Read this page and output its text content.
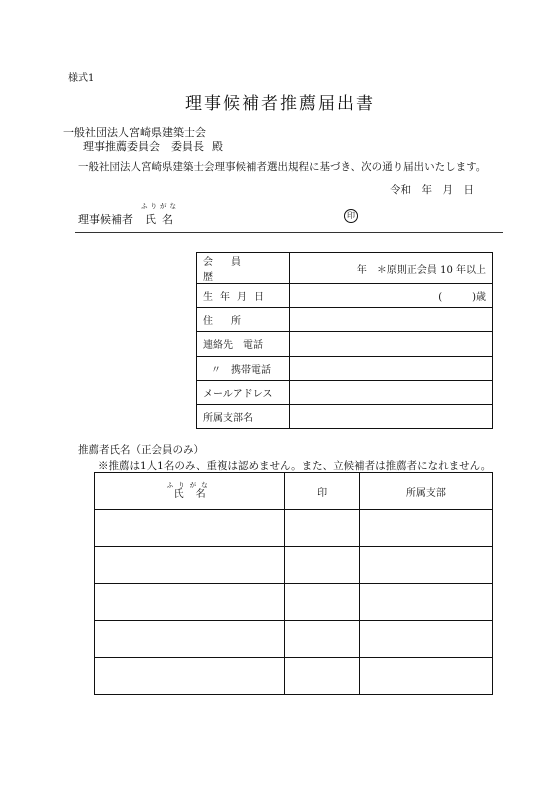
様式1
理事候補者推薦届出書
一般社団法人宮崎県建築士会
理事推薦委員会　委員長 殿
一般社団法人宮崎県建築士会理事候補者選出規程に基づき、次の通り届出いたします。
令和　年　月　日
ふりがな
理事候補者 氏名	印
会員歴	年　＊原則正会員 10 年以上
生年月日	(　　　)歳
住所	
連絡先　電話	
〃　携帯電話	
メールアドレス	
所属支部名	
推薦者氏名（正会員のみ）
※推薦は1人1名のみ、重複は認めません。また、立候補者は推薦者になれません。
ふりがな
氏名	印	所属支部
